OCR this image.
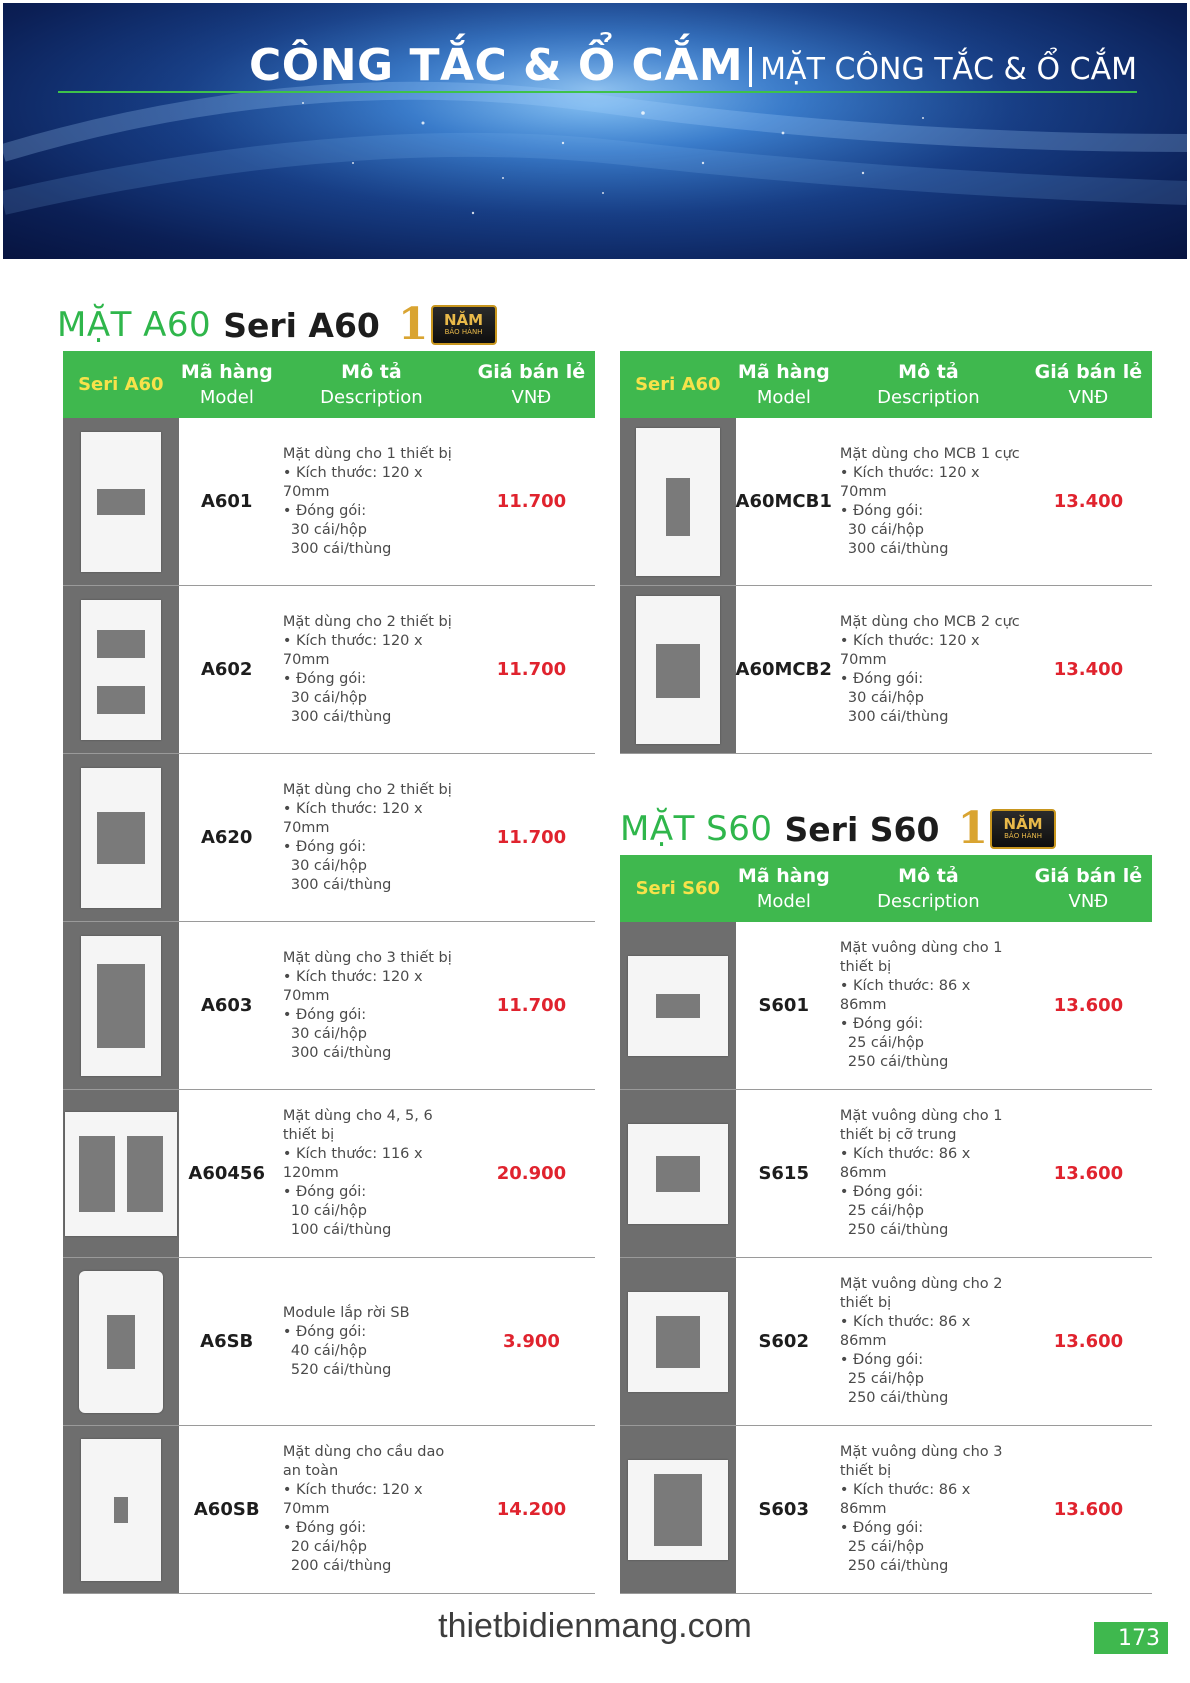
CÔNG TẮC & Ổ CẮM MẶT CÔNG TẮC & Ổ CẮM
MẶT A60 Seri A60 1 NĂM
BẢO HÀNH
Seri A60
Mã hàng
Model
Mô tả
Description
Giá bán lẻ
VNĐ
A601
Mặt dùng cho 1 thiết bị
• Kích thước: 120 x 70mm
• Đóng gói:
30 cái/hộp
300 cái/thùng
11.700
A602
Mặt dùng cho 2 thiết bị
• Kích thước: 120 x 70mm
• Đóng gói:
30 cái/hộp
300 cái/thùng
11.700
A620
Mặt dùng cho 2 thiết bị
• Kích thước: 120 x 70mm
• Đóng gói:
30 cái/hộp
300 cái/thùng
11.700
A603
Mặt dùng cho 3 thiết bị
• Kích thước: 120 x 70mm
• Đóng gói:
30 cái/hộp
300 cái/thùng
11.700
A60456
Mặt dùng cho 4, 5, 6 thiết bị
• Kích thước: 116 x 120mm
• Đóng gói:
10 cái/hộp
100 cái/thùng
20.900
A6SB
Module lắp rời SB
• Đóng gói:
40 cái/hộp
520 cái/thùng
3.900
A60SB
Mặt dùng cho cầu dao
an toàn
• Kích thước: 120 x 70mm
• Đóng gói:
20 cái/hộp
200 cái/thùng
14.200
Seri A60
Mã hàng
Model
Mô tả
Description
Giá bán lẻ
VNĐ
A60MCB1
Mặt dùng cho MCB 1 cực
• Kích thước: 120 x 70mm
• Đóng gói:
30 cái/hộp
300 cái/thùng
13.400
A60MCB2
Mặt dùng cho MCB 2 cực
• Kích thước: 120 x 70mm
• Đóng gói:
30 cái/hộp
300 cái/thùng
13.400
MẶT S60 Seri S60 1 NĂM
BẢO HÀNH
Seri S60
Mã hàng
Model
Mô tả
Description
Giá bán lẻ
VNĐ
S601
Mặt vuông dùng cho 1
thiết bị
• Kích thước: 86 x 86mm
• Đóng gói:
25 cái/hộp
250 cái/thùng
13.600
S615
Mặt vuông dùng cho 1
thiết bị cỡ trung
• Kích thước: 86 x 86mm
• Đóng gói:
25 cái/hộp
250 cái/thùng
13.600
S602
Mặt vuông dùng cho 2
thiết bị
• Kích thước: 86 x 86mm
• Đóng gói:
25 cái/hộp
250 cái/thùng
13.600
S603
Mặt vuông dùng cho 3
thiết bị
• Kích thước: 86 x 86mm
• Đóng gói:
25 cái/hộp
250 cái/thùng
13.600
thietbidienmang.com	173
